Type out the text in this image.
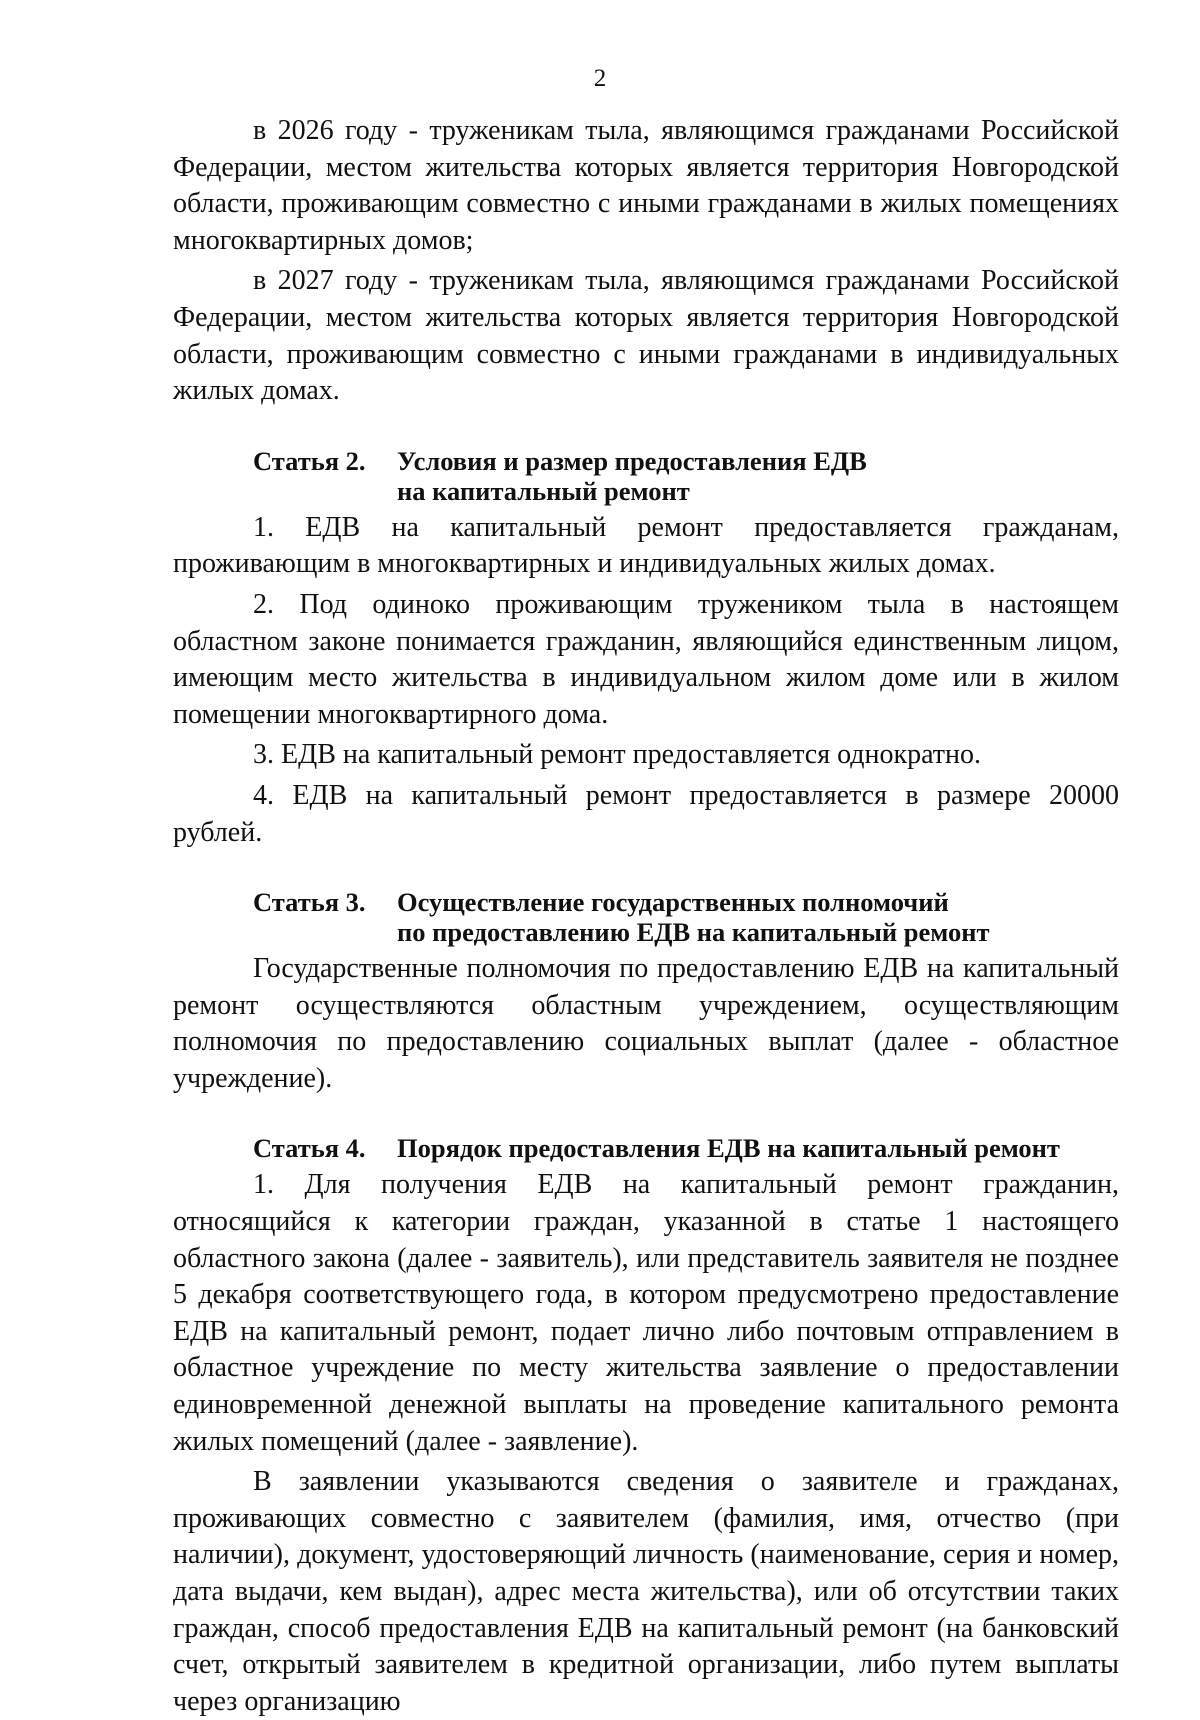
2

в 2026 году - труженикам тыла, являющимся гражданами Российской Федерации, местом жительства которых является территория Новгородской области, проживающим совместно с иными гражданами в жилых помещениях многоквартирных домов;

в 2027 году - труженикам тыла, являющимся гражданами Российской Федерации, местом жительства которых является территория Новгородской области, проживающим совместно с иными гражданами в индивидуальных жилых домах.

Статья 2.	Условия и размер предоставления ЕДВ
на капитальный ремонт

1. ЕДВ на капитальный ремонт предоставляется гражданам, проживающим в многоквартирных и индивидуальных жилых домах.

2. Под одиноко проживающим тружеником тыла в настоящем областном законе понимается гражданин, являющийся единственным лицом, имеющим место жительства в индивидуальном жилом доме или в жилом помещении многоквартирного дома.

3. ЕДВ на капитальный ремонт предоставляется однократно.

4. ЕДВ на капитальный ремонт предоставляется в размере 20000 рублей.

Статья 3.	Осуществление государственных полномочий
по предоставлению ЕДВ на капитальный ремонт

Государственные полномочия по предоставлению ЕДВ на капитальный ремонт осуществляются областным учреждением, осуществляющим полномочия по предоставлению социальных выплат (далее - областное учреждение).

Статья 4.	Порядок предоставления ЕДВ на капитальный ремонт

1. Для получения ЕДВ на капитальный ремонт гражданин, относящийся к категории граждан, указанной в статье 1 настоящего областного закона (далее - заявитель), или представитель заявителя не позднее 5 декабря соответствующего года, в котором предусмотрено предоставление ЕДВ на капитальный ремонт, подает лично либо почтовым отправлением в областное учреждение по месту жительства заявление о предоставлении единовременной денежной выплаты на проведение капитального ремонта жилых помещений (далее - заявление).

В заявлении указываются сведения о заявителе и гражданах, проживающих совместно с заявителем (фамилия, имя, отчество (при наличии), документ, удостоверяющий личность (наименование, серия и номер, дата выдачи, кем выдан), адрес места жительства), или об отсутствии таких граждан, способ предоставления ЕДВ на капитальный ремонт (на банковский счет, открытый заявителем в кредитной организации, либо путем выплаты через организацию
